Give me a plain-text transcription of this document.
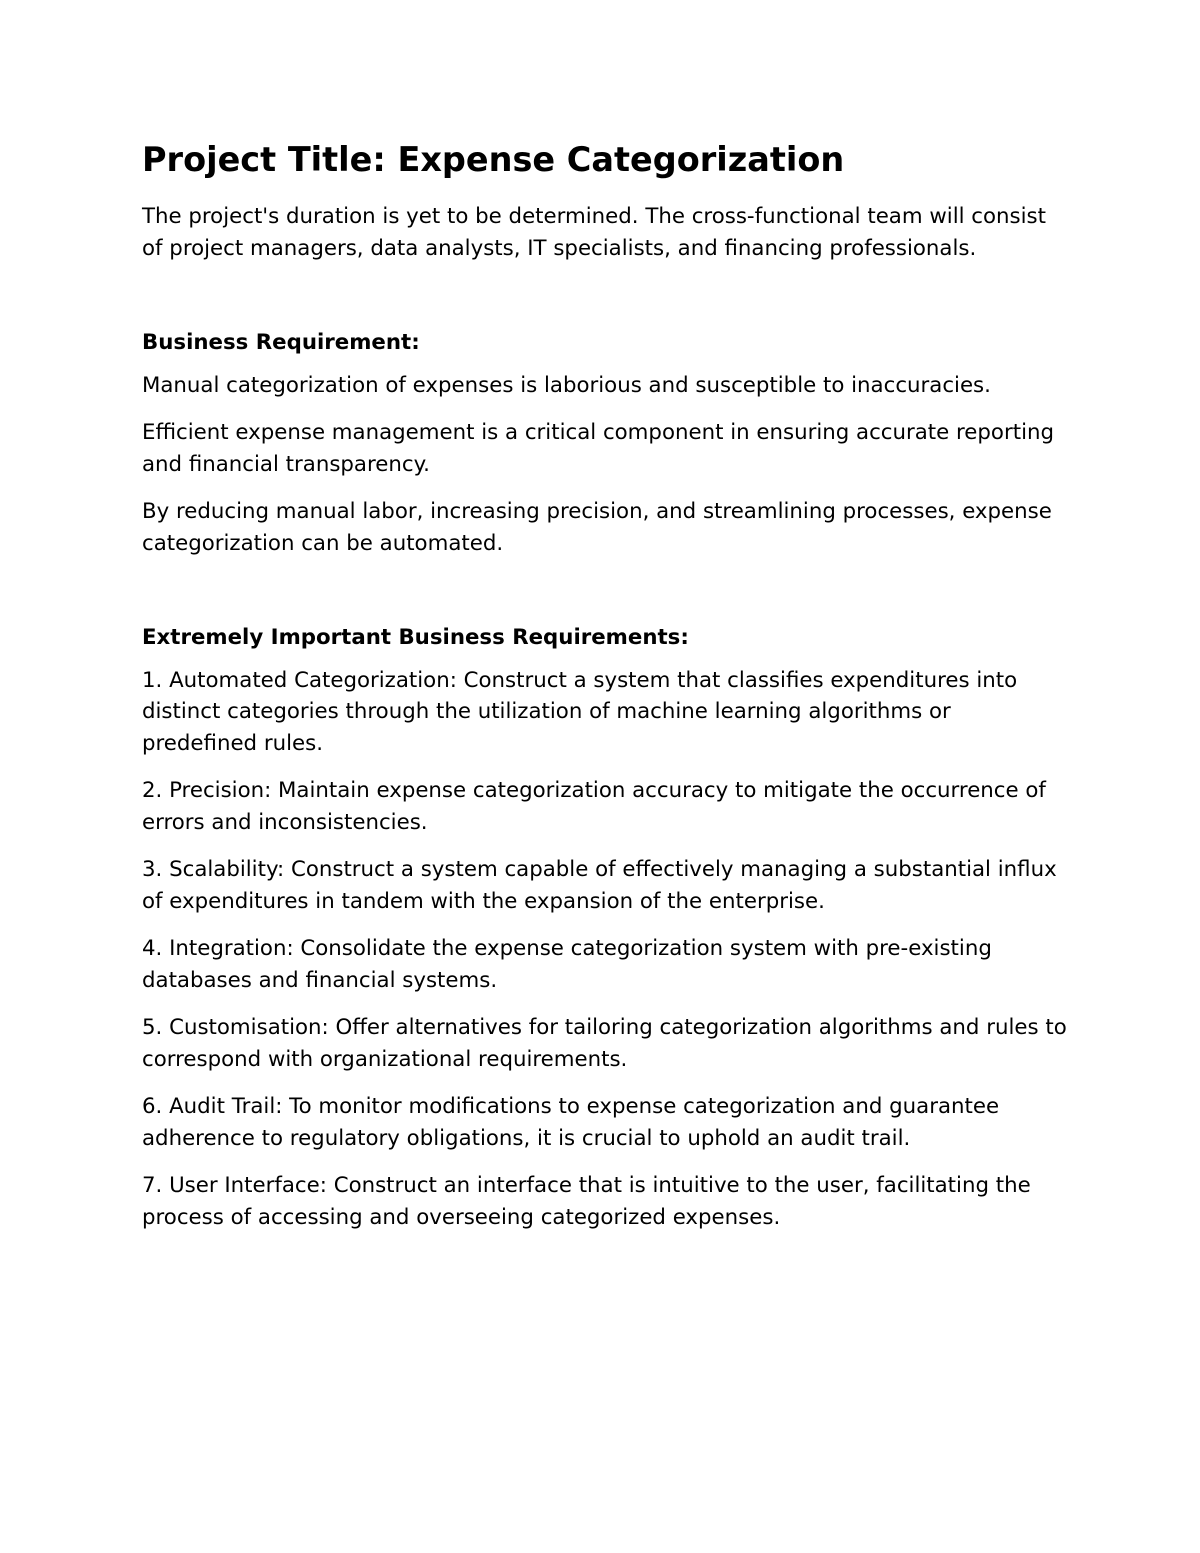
Project Title: Expense Categorization

The project's duration is yet to be determined. The cross-functional team will consist of project managers, data analysts, IT specialists, and financing professionals.

Business Requirement:

Manual categorization of expenses is laborious and susceptible to inaccuracies.

Efficient expense management is a critical component in ensuring accurate reporting and financial transparency.

By reducing manual labor, increasing precision, and streamlining processes, expense categorization can be automated.

Extremely Important Business Requirements:

1. Automated Categorization: Construct a system that classifies expenditures into distinct categories through the utilization of machine learning algorithms or predefined rules.

2. Precision: Maintain expense categorization accuracy to mitigate the occurrence of errors and inconsistencies.

3. Scalability: Construct a system capable of effectively managing a substantial influx of expenditures in tandem with the expansion of the enterprise.

4. Integration: Consolidate the expense categorization system with pre-existing databases and financial systems.

5. Customisation: Offer alternatives for tailoring categorization algorithms and rules to correspond with organizational requirements.

6. Audit Trail: To monitor modifications to expense categorization and guarantee adherence to regulatory obligations, it is crucial to uphold an audit trail.

7. User Interface: Construct an interface that is intuitive to the user, facilitating the process of accessing and overseeing categorized expenses.
